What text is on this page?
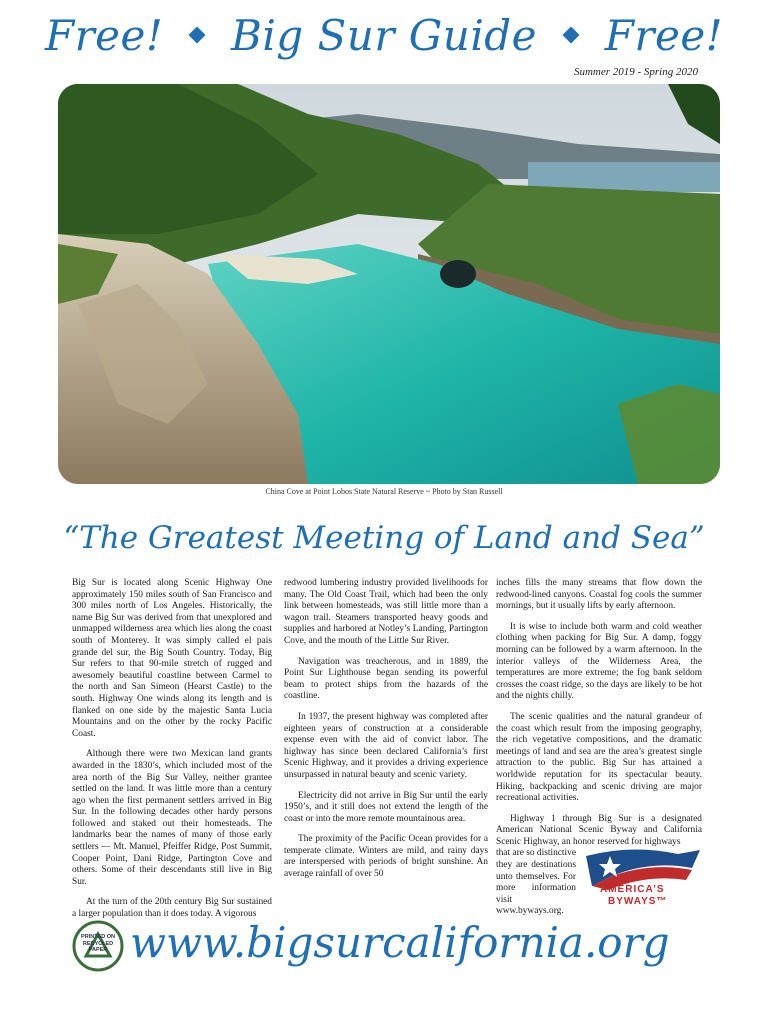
Free! Big Sur Guide Free!
Summer 2019 - Spring 2020
China Cove at Point Lobos State Natural Reserve ~ Photo by Stan Russell
“The Greatest Meeting of Land and Sea”

Big Sur is located along Scenic Highway One approximately 150 miles south of San Francisco and 300 miles north of Los Angeles. Historically, the name Big Sur was derived from that unexplored and unmapped wilderness area which lies along the coast south of Monterey. It was simply called el pais grande del sur, the Big South Country. Today, Big Sur refers to that 90-mile stretch of rugged and awesomely beautiful coastline between Carmel to the north and San Simeon (Hearst Castle) to the south. Highway One winds along its length and is flanked on one side by the majestic Santa Lucia Mountains and on the other by the rocky Pacific Coast.

Although there were two Mexican land grants awarded in the 1830’s, which included most of the area north of the Big Sur Valley, neither grantee settled on the land. It was little more than a century ago when the first permanent settlers arrived in Big Sur. In the following decades other hardy persons followed and staked out their homesteads. The landmarks bear the names of many of those early settlers — Mt. Manuel, Pfeiffer Ridge, Post Summit, Cooper Point, Dani Ridge, Partington Cove and others. Some of their descendants still live in Big Sur.

At the turn of the 20th century Big Sur sustained a larger population than it does today. A vigorous

redwood lumbering industry provided livelihoods for many. The Old Coast Trail, which had been the only link between homesteads, was still little more than a wagon trail. Steamers transported heavy goods and supplies and harbored at Notley’s Landing, Partington Cove, and the mouth of the Little Sur River.

Navigation was treacherous, and in 1889, the Point Sur Lighthouse began sending its powerful beam to protect ships from the hazards of the coastline.

In 1937, the present highway was completed after eighteen years of construction at a considerable expense even with the aid of convict labor. The highway has since been declared California’s first Scenic Highway, and it provides a driving experience unsurpassed in natural beauty and scenic variety.

Electricity did not arrive in Big Sur until the early 1950’s, and it still does not extend the length of the coast or into the more remote mountainous area.

The proximity of the Pacific Ocean provides for a temperate climate. Winters are mild, and rainy days are interspersed with periods of bright sunshine. An average rainfall of over 50

inches fills the many streams that flow down the redwood-lined canyons. Coastal fog cools the summer mornings, but it usually lifts by early afternoon.

It is wise to include both warm and cold weather clothing when packing for Big Sur. A damp, foggy morning can be followed by a warm afternoon. In the interior valleys of the Wilderness Area, the temperatures are more extreme; the fog bank seldom crosses the coast ridge, so the days are likely to be hot and the nights chilly.

The scenic qualities and the natural grandeur of the coast which result from the imposing geography, the rich vegetative compositions, and the dramatic meetings of land and sea are the area’s greatest single attraction to the public. Big Sur has attained a worldwide reputation for its spectacular beauty. Hiking, backpacking and scenic driving are major recreational activities.

Highway 1 through Big Sur is a designated American National Scenic Byway and California Scenic Highway, an honor reserved for highways

that are so distinctive they are destinations unto themselves. For more information visit www.byways.org.

AMERICA’S
BYWAYS™
PRINTED ON RECYCLED PAPER www.bigsurcalifornia.org
